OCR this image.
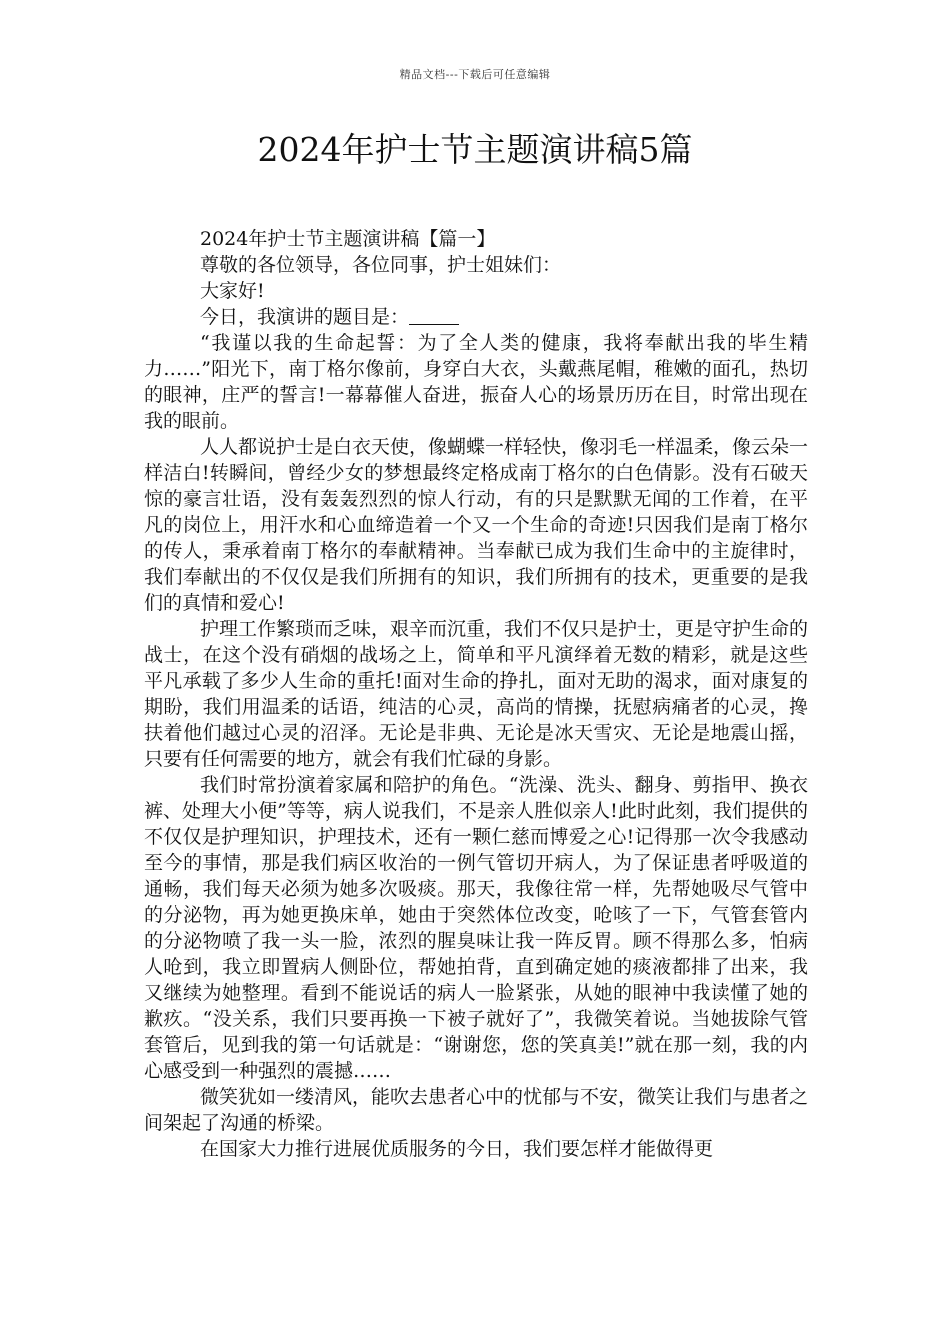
精品文档---下载后可任意编辑
2024年护士节主题演讲稿5篇

2024年护士节主题演讲稿【篇一】

尊敬的各位领导，各位同事，护士姐妹们：

大家好!

今日，我演讲的题目是：

“我谨以我的生命起誓：为了全人类的健康，我将奉献出我的毕生精力……”阳光下，南丁格尔像前，身穿白大衣，头戴燕尾帽，稚嫩的面孔，热切的眼神，庄严的誓言!一幕幕催人奋进，振奋人心的场景历历在目，时常出现在我的眼前。

人人都说护士是白衣天使，像蝴蝶一样轻快，像羽毛一样温柔，像云朵一样洁白!转瞬间，曾经少女的梦想最终定格成南丁格尔的白色倩影。没有石破天惊的豪言壮语，没有轰轰烈烈的惊人行动，有的只是默默无闻的工作着，在平凡的岗位上，用汗水和心血缔造着一个又一个生命的奇迹!只因我们是南丁格尔的传人，秉承着南丁格尔的奉献精神。当奉献已成为我们生命中的主旋律时，我们奉献出的不仅仅是我们所拥有的知识，我们所拥有的技术，更重要的是我们的真情和爱心!

护理工作繁琐而乏味，艰辛而沉重，我们不仅只是护士，更是守护生命的战士，在这个没有硝烟的战场之上，简单和平凡演绎着无数的精彩，就是这些平凡承载了多少人生命的重托!面对生命的挣扎，面对无助的渴求，面对康复的期盼，我们用温柔的话语，纯洁的心灵，高尚的情操，抚慰病痛者的心灵，搀扶着他们越过心灵的沼泽。无论是非典、无论是冰天雪灾、无论是地震山摇，只要有任何需要的地方，就会有我们忙碌的身影。

我们时常扮演着家属和陪护的角色。“洗澡、洗头、翻身、剪指甲、换衣裤、处理大小便”等等，病人说我们，不是亲人胜似亲人!此时此刻，我们提供的不仅仅是护理知识，护理技术，还有一颗仁慈而博爱之心!记得那一次令我感动至今的事情，那是我们病区收治的一例气管切开病人，为了保证患者呼吸道的通畅，我们每天必须为她多次吸痰。那天，我像往常一样，先帮她吸尽气管中的分泌物，再为她更换床单，她由于突然体位改变，呛咳了一下，气管套管内的分泌物喷了我一头一脸，浓烈的腥臭味让我一阵反胃。顾不得那么多，怕病人呛到，我立即置病人侧卧位，帮她拍背，直到确定她的痰液都排了出来，我又继续为她整理。看到不能说话的病人一脸紧张，从她的眼神中我读懂了她的歉疚。“没关系，我们只要再换一下被子就好了”，我微笑着说。当她拔除气管套管后，见到我的第一句话就是：“谢谢您，您的笑真美!”就在那一刻，我的内心感受到一种强烈的震撼……

微笑犹如一缕清风，能吹去患者心中的忧郁与不安，微笑让我们与患者之间架起了沟通的桥梁。

在国家大力推行进展优质服务的今日，我们要怎样才能做得更
